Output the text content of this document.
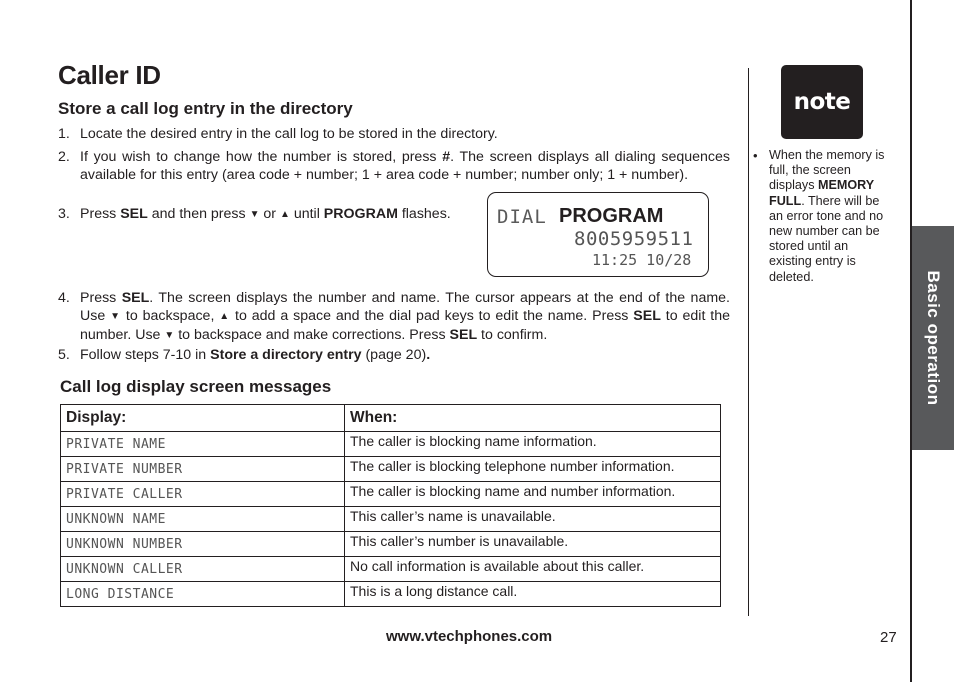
Caller ID
Store a call log entry in the directory
1. Locate the desired entry in the call log to be stored in the directory.
2. If you wish to change how the number is stored, press #. The screen displays all dialing sequences available for this entry (area code + number; 1 + area code + number; number only; 1 + number).
3. Press SEL and then press ▼ or ▲ until PROGRAM flashes.	DIAL PROGRAM
8005959511
11:25 10/28
4. Press SEL. The screen displays the number and name. The cursor appears at the end of the name. Use ▼ to backspace, ▲ to add a space and the dial pad keys to edit the name. Press SEL to edit the number. Use ▼ to backspace and make corrections. Press SEL to confirm.
5. Follow steps 7-10 in Store a directory entry (page 20).
Call log display screen messages
Display:	When:
PRIVATE NAME	The caller is blocking name information.
PRIVATE NUMBER	The caller is blocking telephone number information.
PRIVATE CALLER	The caller is blocking name and number information.
UNKNOWN NAME	This caller’s name is unavailable.
UNKNOWN NUMBER	This caller’s number is unavailable.
UNKNOWN CALLER	No call information is available about this caller.
LONG DISTANCE	This is a long distance call.
note
• When the memory is full, the screen displays MEMORY FULL. There will be an error tone and no new number can be stored until an existing entry is deleted.	Basic operation
www.vtechphones.com	27
